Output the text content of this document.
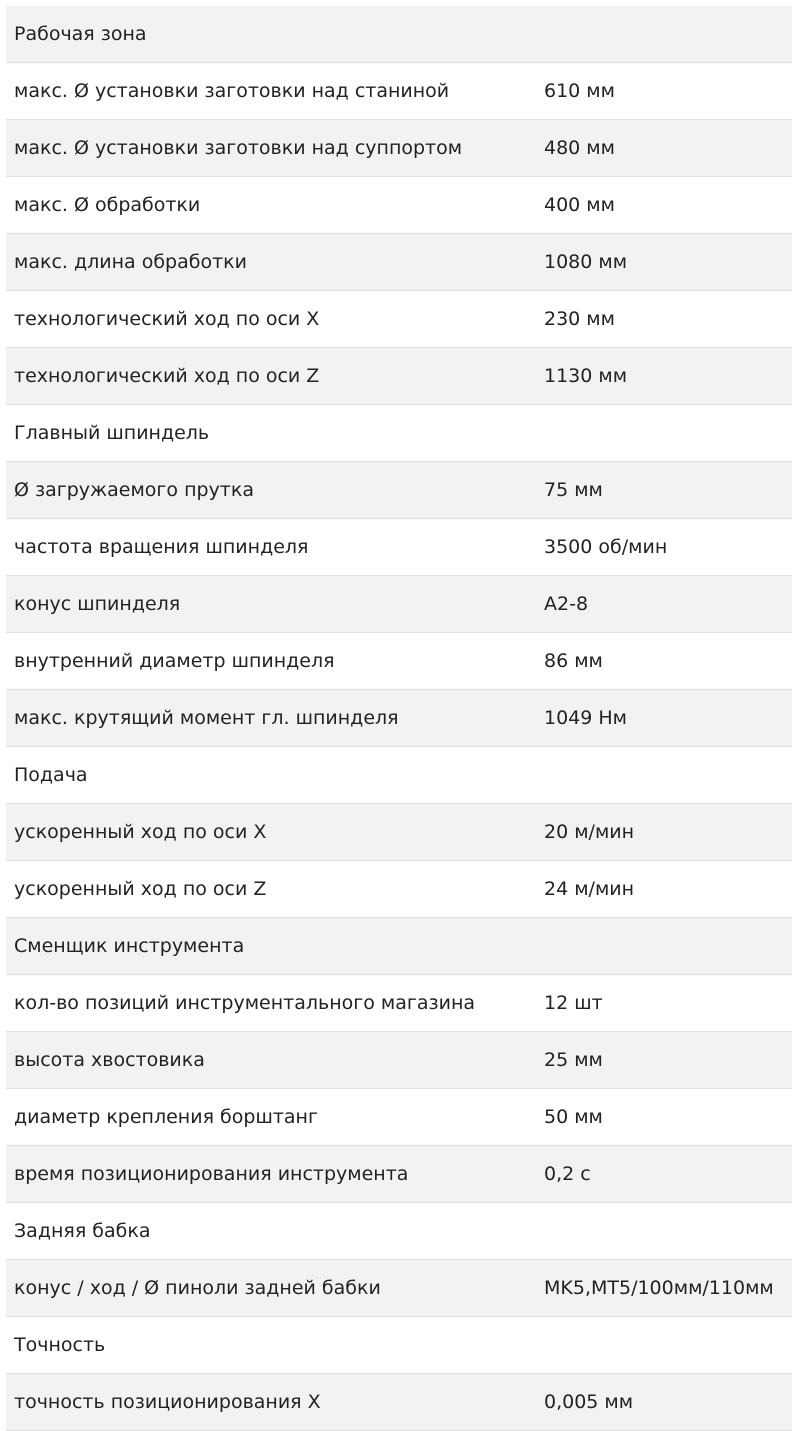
Рабочая зона	
макс. Ø установки заготовки над станиной	610 мм
макс. Ø установки заготовки над суппортом	480 мм
макс. Ø обработки	400 мм
макс. длина обработки	1080 мм
технологический ход по оси X	230 мм
технологический ход по оси Z	1130 мм
Главный шпиндель	
Ø загружаемого прутка	75 мм
частота вращения шпинделя	3500 об/мин
конус шпинделя	A2-8
внутренний диаметр шпинделя	86 мм
макс. крутящий момент гл. шпинделя	1049 Нм
Подача	
ускоренный ход по оси X	20 м/мин
ускоренный ход по оси Z	24 м/мин
Сменщик инструмента	
кол-во позиций инструментального магазина	12 шт
высота хвостовика	25 мм
диаметр крепления борштанг	50 мм
время позиционирования инструмента	0,2 с
Задняя бабка	
конус / ход / Ø пиноли задней бабки	MK5,MT5/100мм/110мм
Точность	
точность позиционирования X	0,005 мм
